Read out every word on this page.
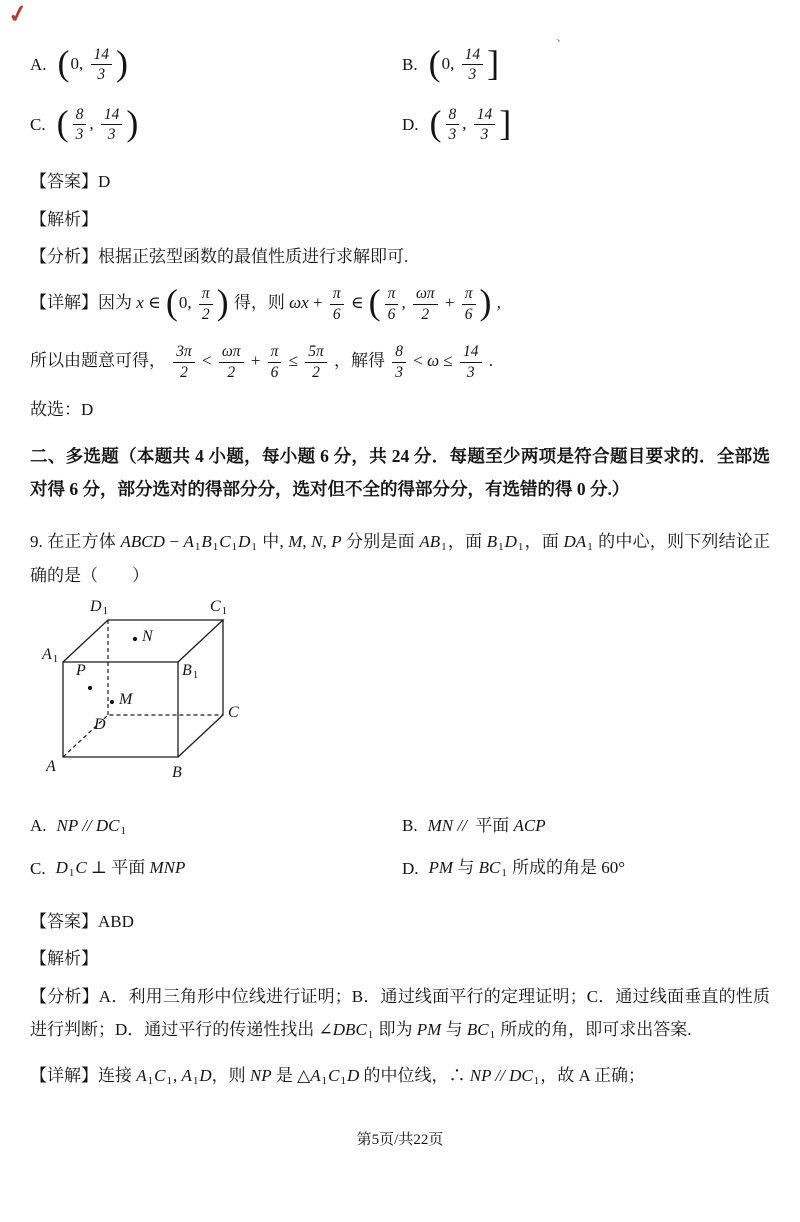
✓
、
A. (0, $\frac{14}{3}$ )	B. (0, $\frac{14}{3}$ ]
C. ( $\frac{8}{3}$ , $\frac{14}{3}$ )	D. ( $\frac{8}{3}$ , $\frac{14}{3}$ ]

【答案】D

【解析】

【分析】根据正弦型函数的最值性质进行求解即可.

【详解】因为 x ∈ (0, $\frac{\pi}{2}$ ) 得，则 $\omega x + \frac{\pi}{6}$ ∈ ( $\frac{\pi}{6}$ , $\frac{\omega\pi}{2} + \frac{\pi}{6}$ ) ,

所以由题意可得， $\frac{3\pi}{2} < \frac{\omega\pi}{2} + \frac{\pi}{6} \le \frac{5\pi}{2}$ ，解得 $\frac{8}{3} < \omega \le \frac{14}{3}$ .

故选：D

二、多选题（本题共 4 小题，每小题 6 分，共 24 分．每题至少两项是符合题目要求的．全部选对得 6 分，部分选对的得部分分，选对但不全的得部分分，有选错的得 0 分.）

9. 在正方体 ABCD − A1B1C1D1 中, M, N, P 分别是面 AB1，面 B1D1，面 DA1 的中心，则下列结论正确的是（　　）

D1	C1
A1
B1
D
C
A	B
N
M
P
A. NP // DC1	B. MN //  平面 ACP
C. D1C ⊥ 平面 MNP	D. PM 与 BC1 所成的角是 60°

【答案】ABD

【解析】

【分析】A．利用三角形中位线进行证明；B．通过线面平行的定理证明；C．通过线面垂直的性质进行判断；D．通过平行的传递性找出 ∠DBC1 即为 PM 与 BC1 所成的角，即可求出答案.

【详解】连接 A1C1, A1D，则 NP 是 △A1C1D 的中位线，∴ NP // DC1，故 A 正确；

第5页/共22页
